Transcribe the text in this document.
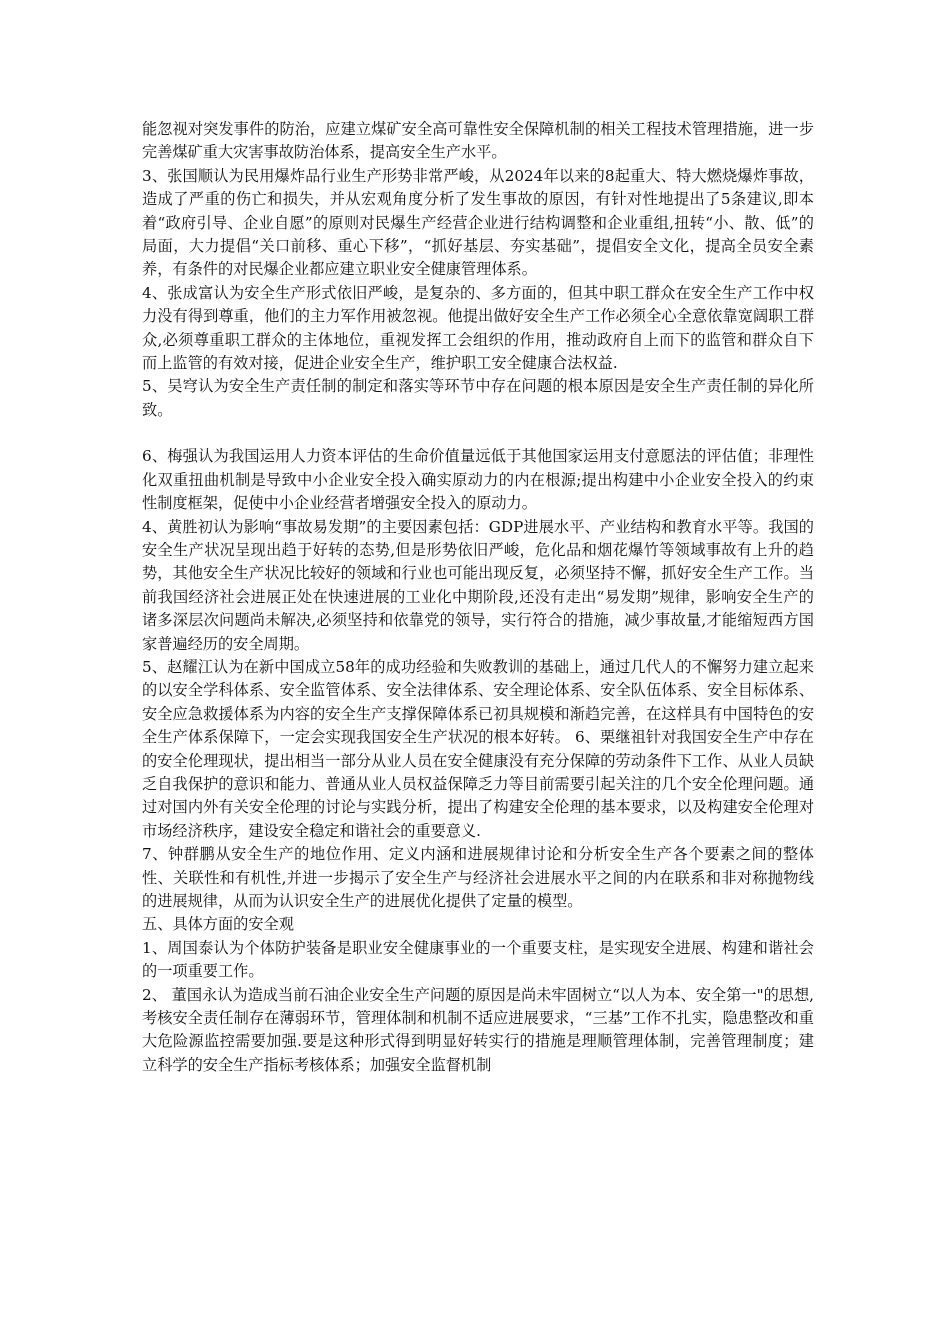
能忽视对突发事件的防治，应建立煤矿安全高可靠性安全保障机制的相关工程技术管理措施，进一步完善煤矿重大灾害事故防治体系，提高安全生产水平。

3、张国顺认为民用爆炸品行业生产形势非常严峻，从2024年以来的8起重大、特大燃烧爆炸事故，造成了严重的伤亡和损失，并从宏观角度分析了发生事故的原因，有针对性地提出了5条建议,即本着“政府引导、企业自愿”的原则对民爆生产经营企业进行结构调整和企业重组,扭转“小、散、低”的局面，大力提倡“关口前移、重心下移”，“抓好基层、夯实基础”，提倡安全文化，提高全员安全素养，有条件的对民爆企业都应建立职业安全健康管理体系。

4、张成富认为安全生产形式依旧严峻，是复杂的、多方面的，但其中职工群众在安全生产工作中权力没有得到尊重，他们的主力军作用被忽视。他提出做好安全生产工作必须全心全意依靠宽阔职工群众,必须尊重职工群众的主体地位，重视发挥工会组织的作用，推动政府自上而下的监管和群众自下而上监管的有效对接，促进企业安全生产，维护职工安全健康合法权益.

5、吴穹认为安全生产责任制的制定和落实等环节中存在问题的根本原因是安全生产责任制的异化所致。

6、梅强认为我国运用人力资本评估的生命价值量远低于其他国家运用支付意愿法的评估值；非理性化双重扭曲机制是导致中小企业安全投入确实原动力的内在根源;提出构建中小企业安全投入的约束性制度框架，促使中小企业经营者增强安全投入的原动力。

4、黄胜初认为影响“事故易发期”的主要因素包括：GDP进展水平、产业结构和教育水平等。我国的安全生产状况呈现出趋于好转的态势,但是形势依旧严峻，危化品和烟花爆竹等领域事故有上升的趋势，其他安全生产状况比较好的领域和行业也可能出现反复，必须坚持不懈，抓好安全生产工作。当前我国经济社会进展正处在快速进展的工业化中期阶段,还没有走出“易发期”规律，影响安全生产的诸多深层次问题尚未解决,必须坚持和依靠党的领导，实行符合的措施，减少事故量,才能缩短西方国家普遍经历的安全周期。

5、赵耀江认为在新中国成立58年的成功经验和失败教训的基础上，通过几代人的不懈努力建立起来的以安全学科体系、安全监管体系、安全法律体系、安全理论体系、安全队伍体系、安全目标体系、安全应急救援体系为内容的安全生产支撑保障体系已初具规模和渐趋完善，在这样具有中国特色的安全生产体系保障下，一定会实现我国安全生产状况的根本好转。 6、栗继祖针对我国安全生产中存在的安全伦理现状，提出相当一部分从业人员在安全健康没有充分保障的劳动条件下工作、从业人员缺乏自我保护的意识和能力、普通从业人员权益保障乏力等目前需要引起关注的几个安全伦理问题。通过对国内外有关安全伦理的讨论与实践分析，提出了构建安全伦理的基本要求，以及构建安全伦理对市场经济秩序，建设安全稳定和谐社会的重要意义.

7、钟群鹏从安全生产的地位作用、定义内涵和进展规律讨论和分析安全生产各个要素之间的整体性、关联性和有机性,并进一步揭示了安全生产与经济社会进展水平之间的内在联系和非对称抛物线的进展规律，从而为认识安全生产的进展优化提供了定量的模型。

五、具体方面的安全观

1、周国泰认为个体防护装备是职业安全健康事业的一个重要支柱，是实现安全进展、构建和谐社会的一项重要工作。

2、 董国永认为造成当前石油企业安全生产问题的原因是尚未牢固树立“以人为本、安全第一"的思想,考核安全责任制存在薄弱环节，管理体制和机制不适应进展要求，“三基”工作不扎实，隐患整改和重大危险源监控需要加强.要是这种形式得到明显好转实行的措施是理顺管理体制，完善管理制度；建立科学的安全生产指标考核体系；加强安全监督机制
